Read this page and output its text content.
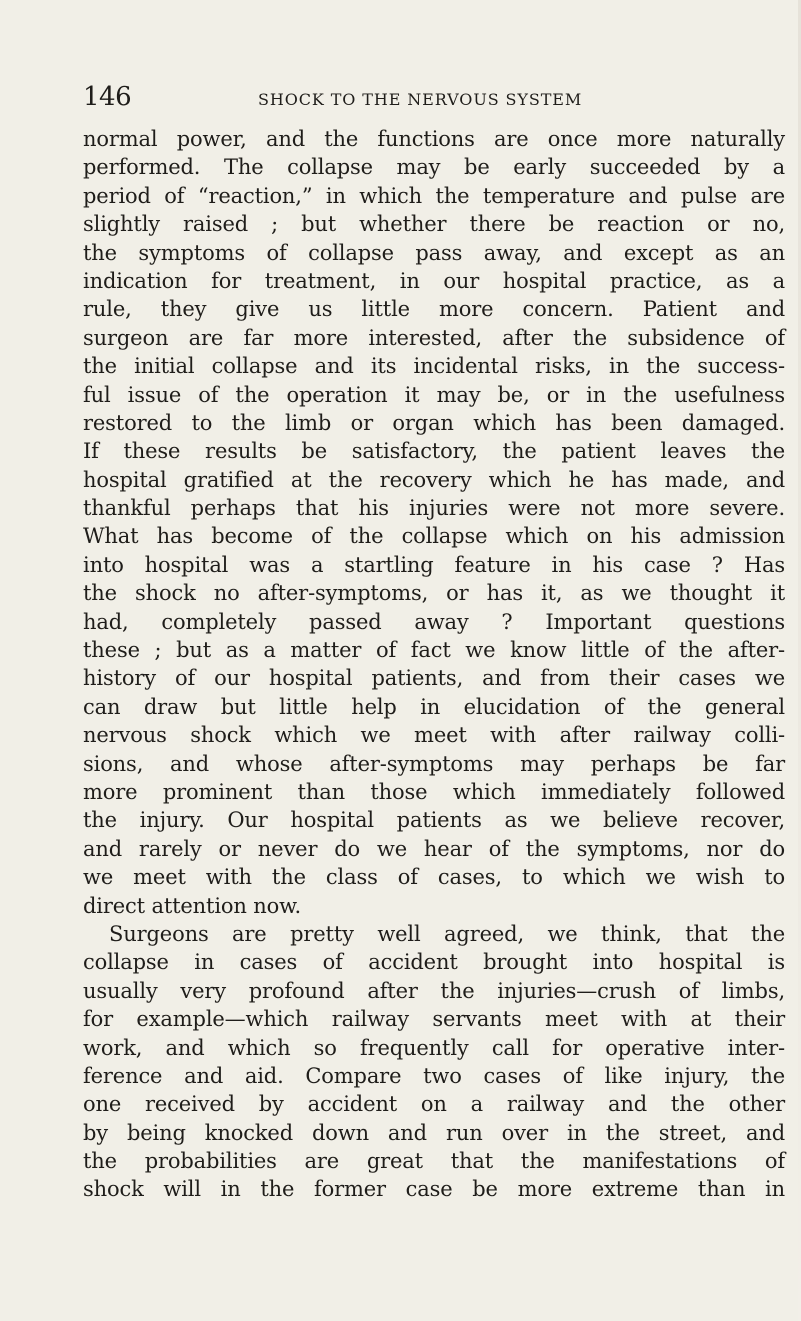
146	SHOCK TO THE NERVOUS SYSTEM
normal power, and the functions are once more naturally
performed. The collapse may be early succeeded by a
period of “reaction,” in which the temperature and pulse are
slightly raised ; but whether there be reaction or no,
the symptoms of collapse pass away, and except as an
indication for treatment, in our hospital practice, as a
rule, they give us little more concern. Patient and
surgeon are far more interested, after the subsidence of
the initial collapse and its incidental risks, in the success-
ful issue of the operation it may be, or in the usefulness
restored to the limb or organ which has been damaged.
If these results be satisfactory, the patient leaves the
hospital gratified at the recovery which he has made, and
thankful perhaps that his injuries were not more severe.
What has become of the collapse which on his admission
into hospital was a startling feature in his case ? Has
the shock no after-symptoms, or has it, as we thought it
had, completely passed away ? Important questions
these ; but as a matter of fact we know little of the after-
history of our hospital patients, and from their cases we
can draw but little help in elucidation of the general
nervous shock which we meet with after railway colli-
sions, and whose after-symptoms may perhaps be far
more prominent than those which immediately followed
the injury. Our hospital patients as we believe recover,
and rarely or never do we hear of the symptoms, nor do
we meet with the class of cases, to which we wish to
direct attention now.
Surgeons are pretty well agreed, we think, that the
collapse in cases of accident brought into hospital is
usually very profound after the injuries—crush of limbs,
for example—which railway servants meet with at their
work, and which so frequently call for operative inter-
ference and aid. Compare two cases of like injury, the
one received by accident on a railway and the other
by being knocked down and run over in the street, and
the probabilities are great that the manifestations of
shock will in the former case be more extreme than in
